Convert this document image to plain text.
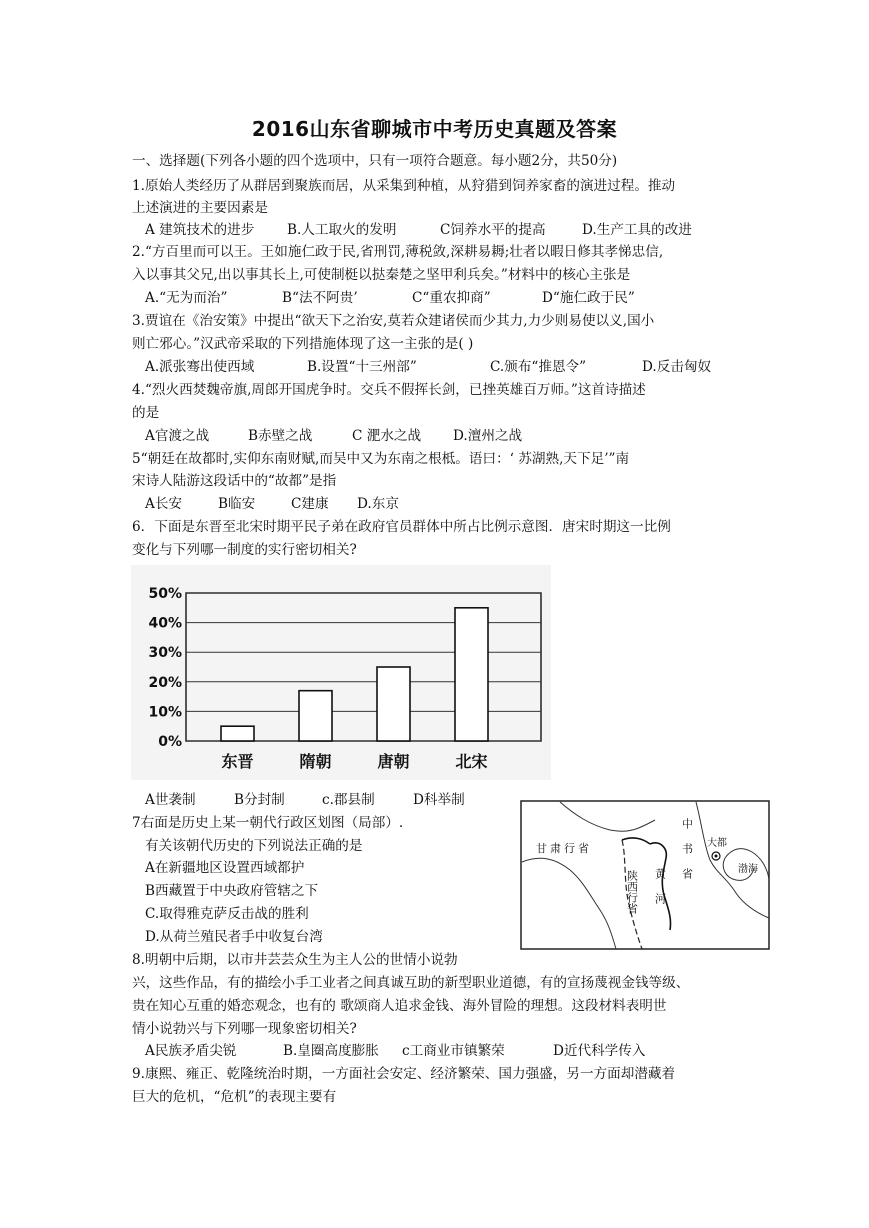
2016山东省聊城市中考历史真题及答案
一、选择题(下列各小题的四个选项中，只有一项符合题意。每小题2分，共50分)
1.原始人类经历了从群居到聚族而居，从采集到种植，从狩猎到饲养家畜的演进过程。推动
上述演进的主要因素是
A 建筑技术的进步 B.人工取火的发明	C饲养水平的提高	D.生产工具的改进
2.“方百里而可以王。王如施仁政于民,省刑罚,薄税敛,深耕易耨;壮者以暇日修其孝悌忠信,
入以事其父兄,出以事其长上,可使制梃以挞秦楚之坚甲利兵矣。”材料中的核心主张是
A.“无为而治”	B“法不阿贵’	C“重农抑商”	D“施仁政于民”
3.贾谊在《治安策》中提出“欲天下之治安,莫若众建诸侯而少其力,力少则易使以义,国小
则亡邪心。”汉武帝采取的下列措施体现了这一主张的是( )
A.派张骞出使西域	B.设置“十三州部”	C.颁布“推恩令”	D.反击匈奴
4.“烈火西焚魏帝旗,周郎开国虎争时。交兵不假挥长剑，已挫英雄百万师。”这首诗描述
的是
A官渡之战	B赤壁之战	C 淝水之战 D.澶州之战
5“朝廷在故都时,实仰东南财赋,而吴中又为东南之根柢。语曰：‘ 苏湖熟,天下足’”南
宋诗人陆游这段话中的“故都”是指
A长安	B临安	C建康 D.东京
6．下面是东晋至北宋时期平民子弟在政府官员群体中所占比例示意图．唐宋时期这一比例
变化与下列哪一制度的实行密切相关?
0%
10%
20%
30%
40%
50%
东晋	隋朝	唐朝	北宋
A世袭制	B分封制	c.郡县制	D科举制
7右面是历史上某一朝代行政区划图（局部）.
有关该朝代历史的下列说法正确的是
A在新疆地区设置西域都护
B西藏置于中央政府管辖之下
C.取得雅克萨反击战的胜利
D.从荷兰殖民者手中收复台湾
甘肃行省
陕西行省 黄河 中书省 大都
渤海
8.明朝中后期，以市井芸芸众生为主人公的世情小说勃
兴，这些作品，有的描绘小手工业者之间真诚互助的新型职业道德，有的宣扬蔑视金钱等级、
贵在知心互重的婚恋观念，也有的 歌颂商人追求金钱、海外冒险的理想。这段材料表明世
情小说勃兴与下列哪一现象密切相关?
A民族矛盾尖锐	B.皇圈高度膨胀 c工商业市镇繁荣	D近代科学传入
9.康熙、雍正、乾隆统治时期，一方面社会安定、经济繁荣、国力强盛，另一方面却潜藏着
巨大的危机，“危机”的表现主要有
